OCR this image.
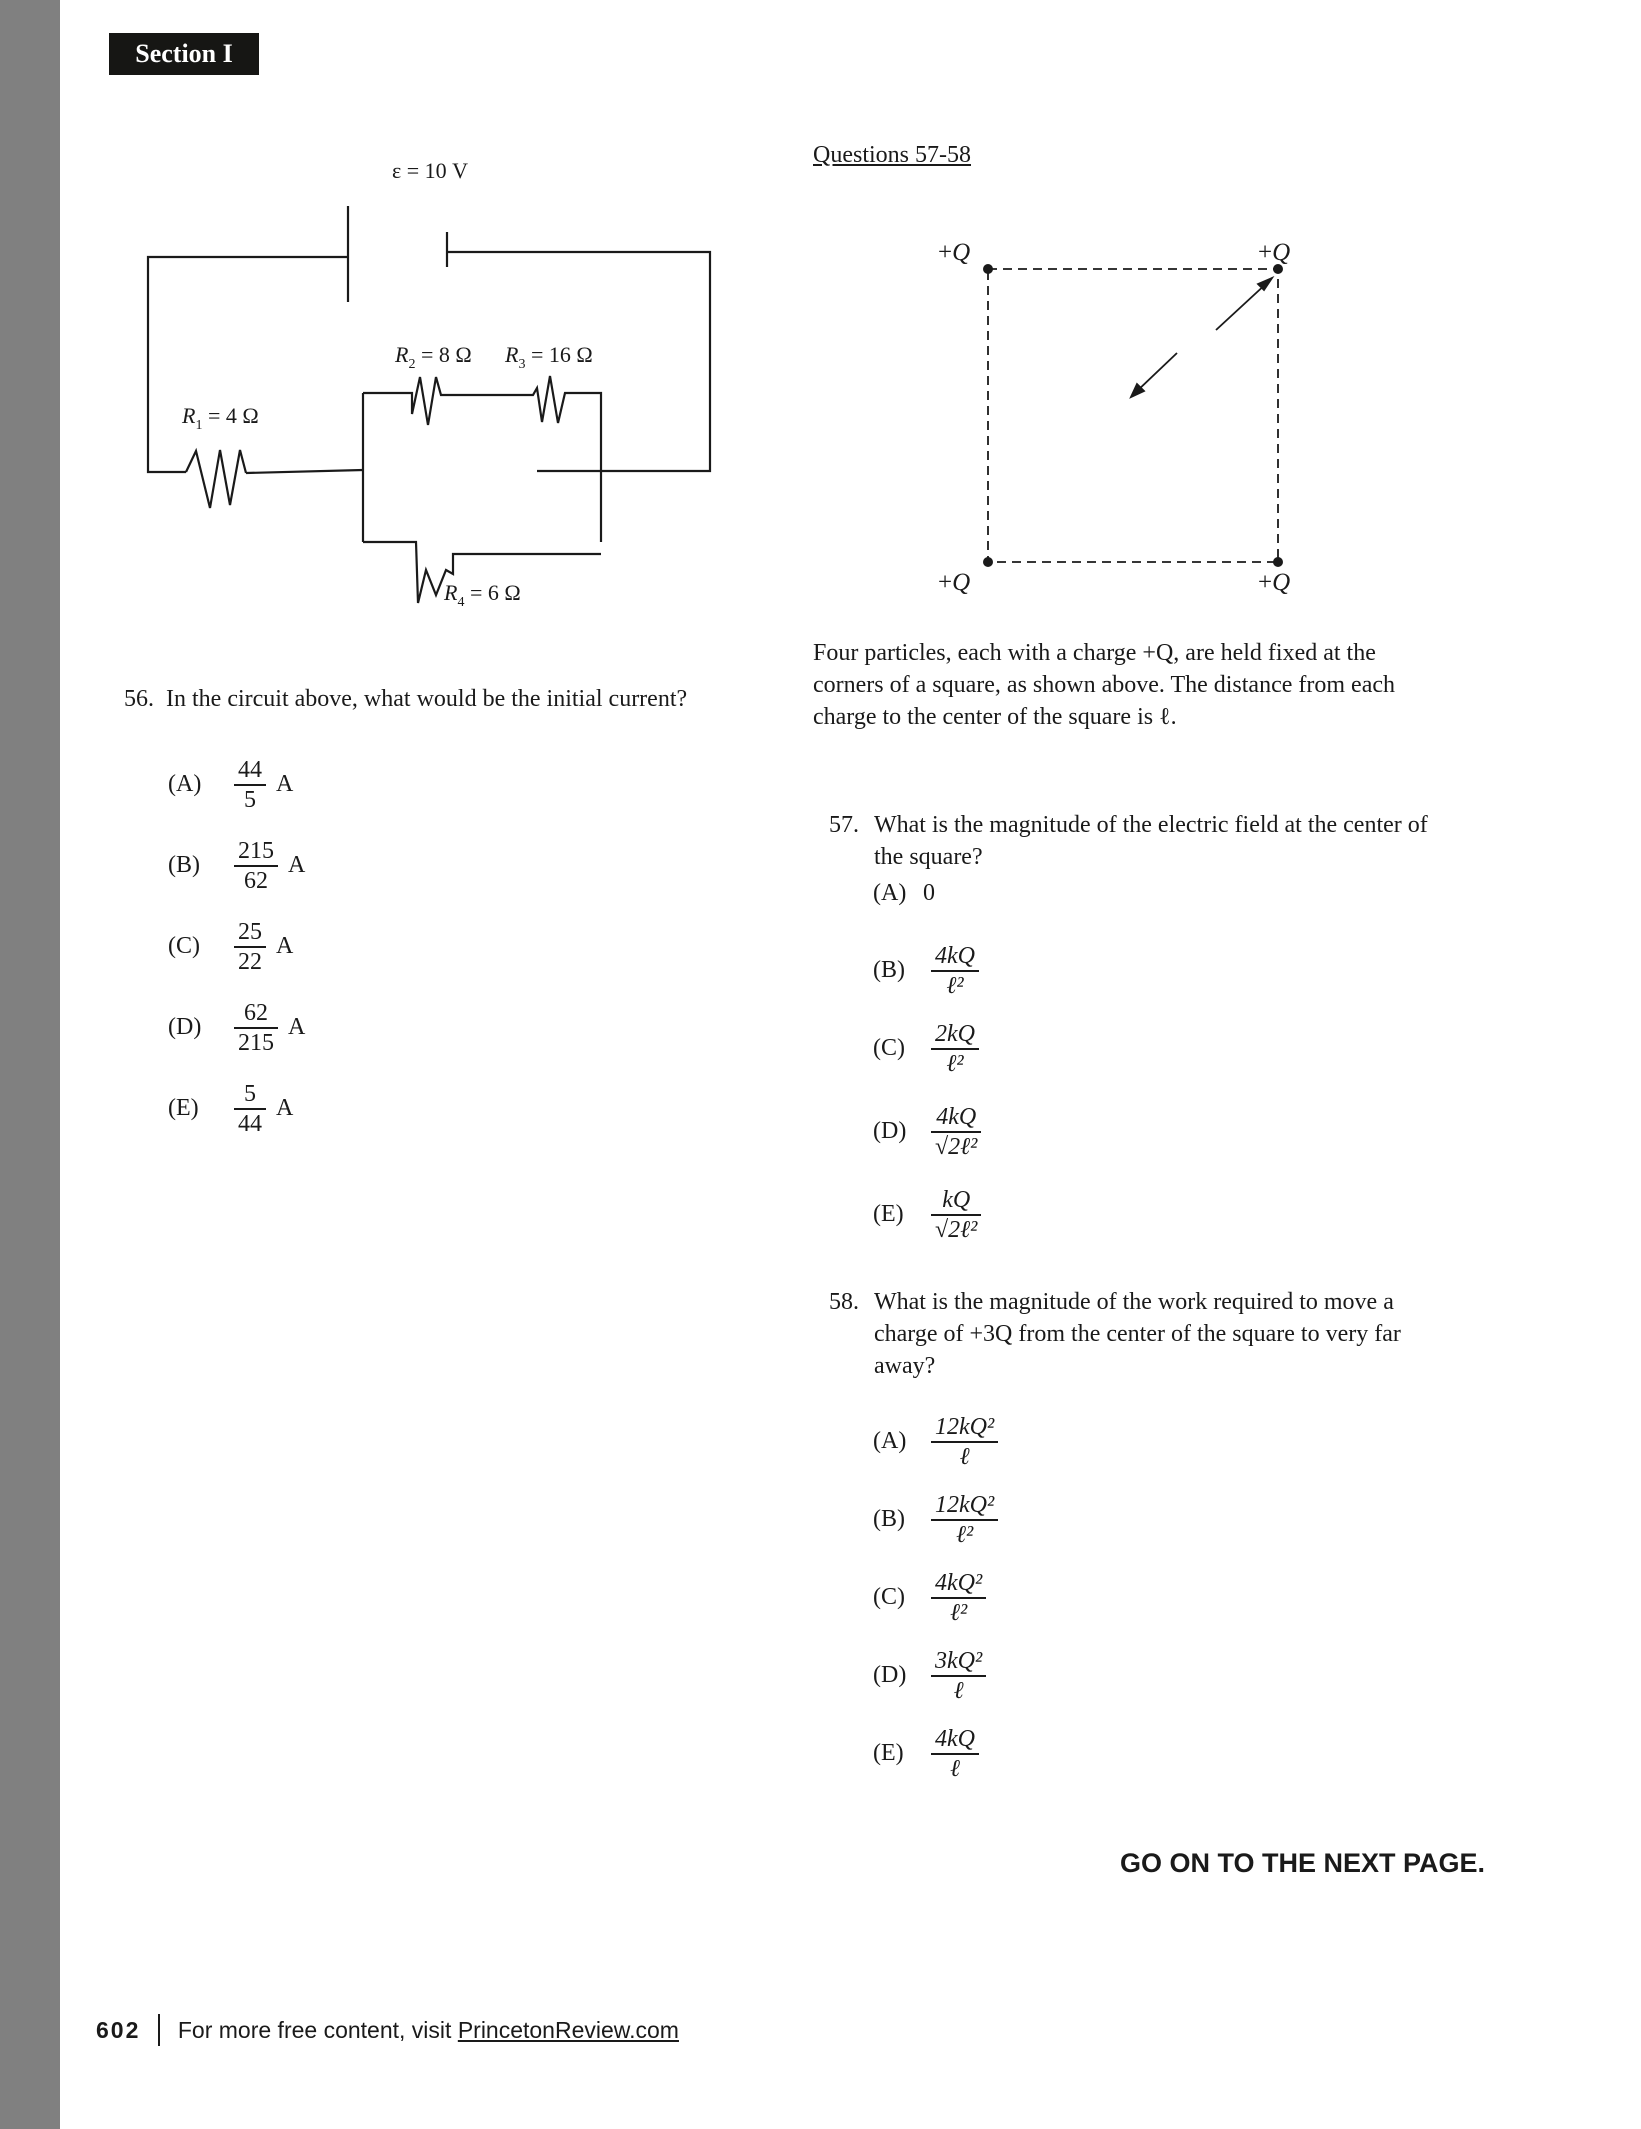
Section I
ε = 10 V
$R_1 = 4$ Ω
$R_2 = 8$ Ω $R_3 = 16$ Ω
$R_4 = 6$ Ω
56. In the circuit above, what would be the initial current?
(A)	$\frac{44}{5}$ A
(B)	$\frac{215}{62}$ A
(C)	$\frac{25}{22}$ A
(D)	$\frac{62}{215}$ A
(E)	$\frac{5}{44}$ A
Questions 57-58
+Q	+Q
+Q	+Q
Four particles, each with a charge +Q, are held fixed at the
corners of a square, as shown above. The distance from each
charge to the center of the square is ℓ.
57. What is the magnitude of the electric field at the center of
the square?
(A) 0
(B)	$\frac{4kQ}{\text{ℓ²}}$
(C)	$\frac{2kQ}{\text{ℓ²}}$
(D)	$\frac{4kQ}{\text{√2ℓ²}}$
(E)	$\frac{kQ}{\text{√2ℓ²}}$
58. What is the magnitude of the work required to move a
charge of +3Q from the center of the square to very far
away?
(A)	$\frac{\text{12kQ²}}{\text{ℓ}}$
(B)	$\frac{\text{12kQ²}}{\text{ℓ²}}$
(C)	$\frac{\text{4kQ²}}{\text{ℓ²}}$
(D)	$\frac{\text{3kQ²}}{\text{ℓ}}$
(E)	$\frac{4kQ}{\text{ℓ}}$
GO ON TO THE NEXT PAGE.
602 For more free content, visit PrincetonReview.com
